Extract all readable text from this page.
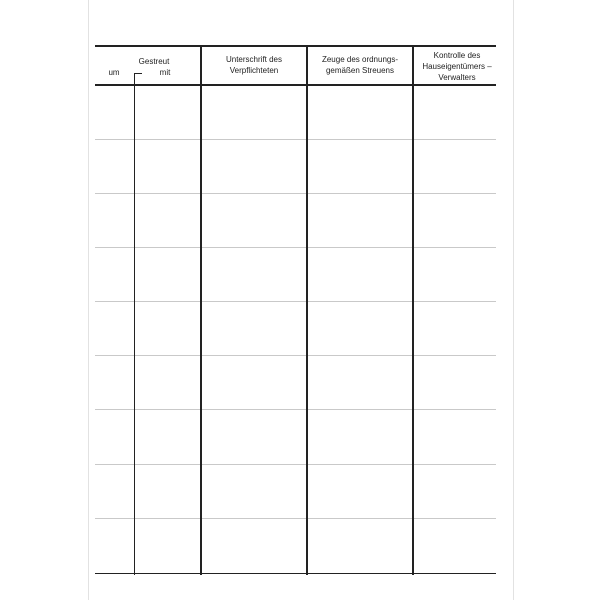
Gestreut
um	mit
Unterschrift des
Verpflichteten
Zeuge des ordnungs-
gemäßen Streuens
Kontrolle des
Hauseigentümers –
Verwalters
